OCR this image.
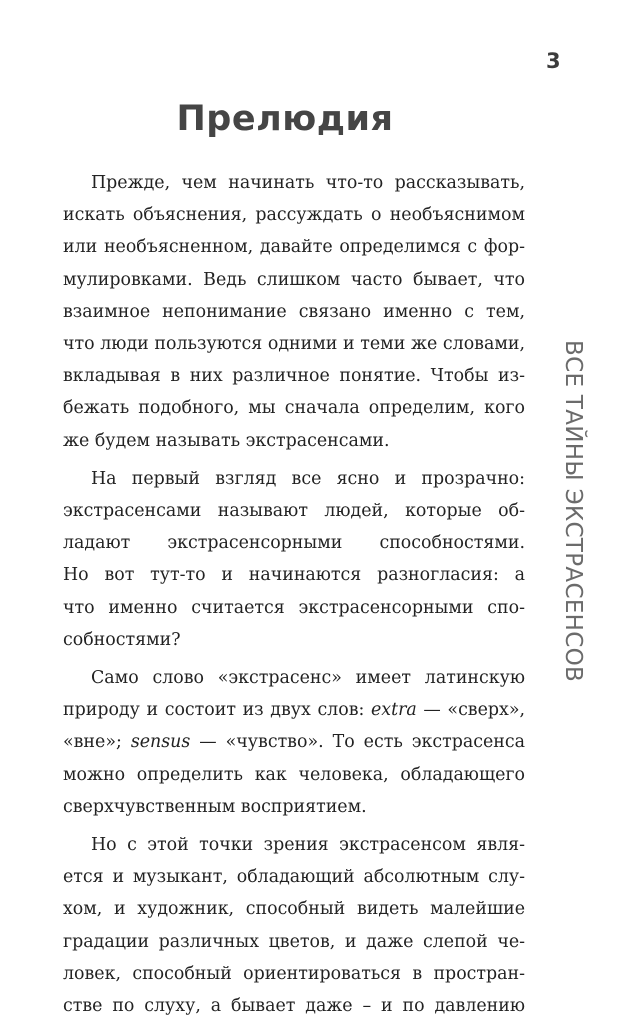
3
Прелюдия
ВСЕ ТАЙНЫ ЭКСТРАСЕНСОВ
Прежде, чем начинать что-то рассказывать,
искать объяснения, рассуждать о необъяснимом
или необъясненном, давайте определимся с фор-
мулировками. Ведь слишком часто бывает, что
взаимное непонимание связано именно с тем,
что люди пользуются одними и теми же словами,
вкладывая в них различное понятие. Чтобы из-
бежать подобного, мы сначала определим, кого
же будем называть экстрасенсами.
На первый взгляд все ясно и прозрачно:
экстрасенсами называют людей, которые об-
ладают экстрасенсорными способностями.
Но вот тут-то и начинаются разногласия: а
что именно считается экстрасенсорными спо-
собностями?
Само слово «экстрасенс» имеет латинскую
природу и состоит из двух слов: extra — «сверх»,
«вне»; sensus — «чувство». То есть экстрасенса
можно определить как человека, обладающего
сверхчувственным восприятием.
Но с этой точки зрения экстрасенсом явля-
ется и музыкант, обладающий абсолютным слу-
хом, и художник, способный видеть малейшие
градации различных цветов, и даже слепой че-
ловек, способный ориентироваться в простран-
стве по слуху, а бывает даже – и по давлению
